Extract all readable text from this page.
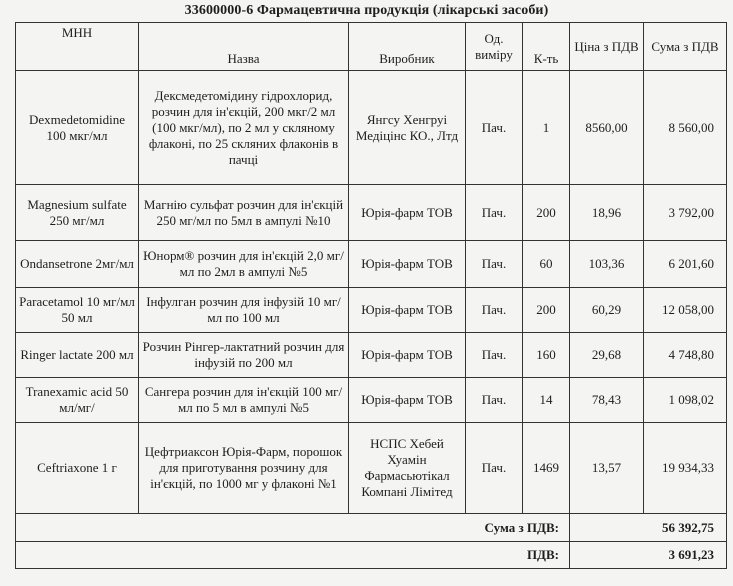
33600000-6 Фармацевтична продукція (лікарські засоби)
МНН	Назва	Виробник	Од. виміру	К-ть	Ціна з ПДВ	Сума з ПДВ
Dexmedetomidine 100 мкг/мл	Дексмедетомідину гідрохлорид, розчин для ін'єкцій, 200 мкг/2 мл (100 мкг/мл), по 2 мл у скляному флаконі, по 25 скляних флаконів в пачці	Янгсу Хенгруі Медіцінс КО., Лтд	Пач.	1	8560,00	8 560,00
Magnesium sulfate 250 мг/мл	Магнію сульфат розчин для ін'єкцій 250 мг/мл по 5мл в ампулі №10	Юрія-фарм ТОВ	Пач.	200	18,96	3 792,00
Ondansetrone 2мг/мл	Юнорм® розчин для ін'єкцій 2,0 мг/мл по 2мл в ампулі №5	Юрія-фарм ТОВ	Пач.	60	103,36	6 201,60
Paracetamol 10 мг/мл 50 мл	Інфулган розчин для інфузій 10 мг/мл по 100 мл	Юрія-фарм ТОВ	Пач.	200	60,29	12 058,00
Ringer lactate 200 мл	Розчин Рінгер-лактатний розчин для інфузій по 200 мл	Юрія-фарм ТОВ	Пач.	160	29,68	4 748,80
Tranexamic acid 50 мл/мг/	Сангера розчин для ін'єкцій 100 мг/мл по 5 мл в ампулі №5	Юрія-фарм ТОВ	Пач.	14	78,43	1 098,02
Ceftriaxone 1 г	Цефтриаксон Юрія-Фарм, порошок для приготування розчину для ін'єкцій, по 1000 мг у флаконі №1	НСПС Хебей Хуамін Фармасьютікал Компані Лімітед	Пач.	1469	13,57	19 934,33
Сума з ПДВ:					56 392,75	
ПДВ:					3 691,23	
